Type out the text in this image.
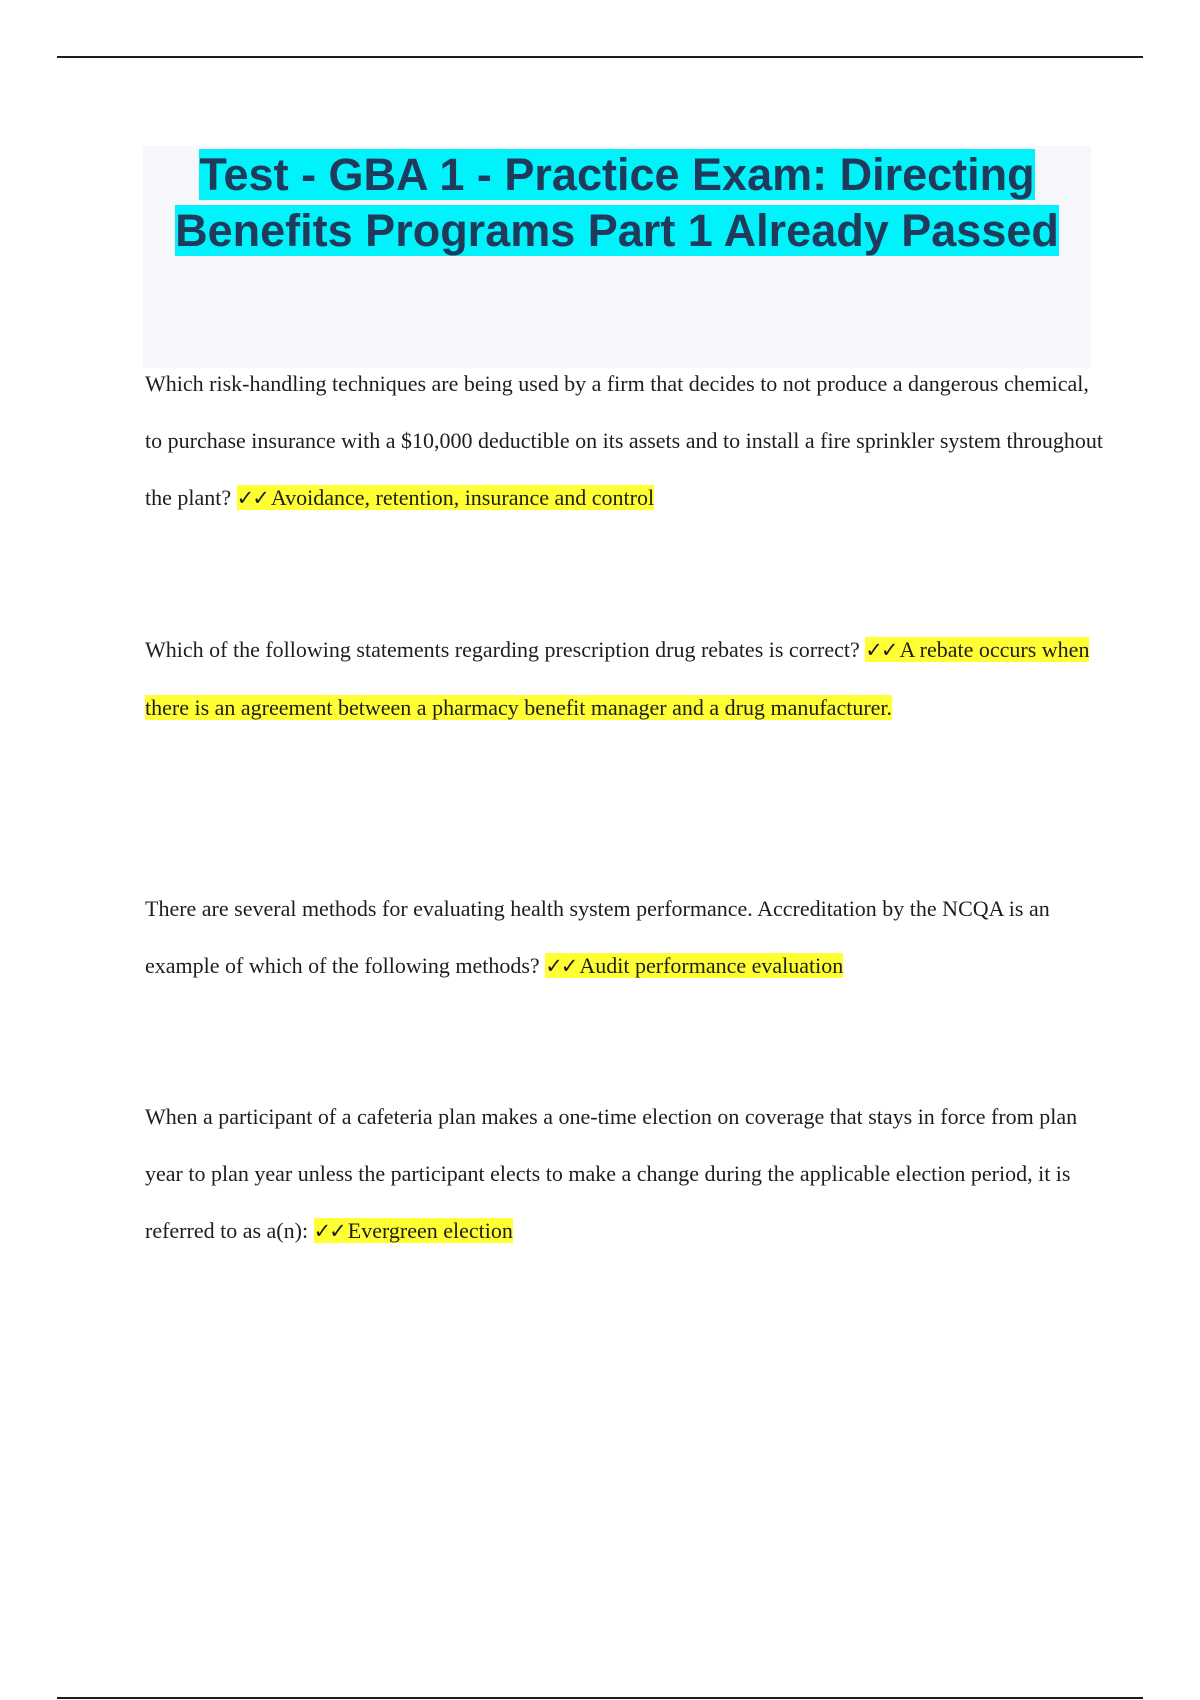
Test - GBA 1 - Practice Exam: Directing Benefits Programs Part 1 Already Passed

Which risk-handling techniques are being used by a firm that decides to not produce a dangerous chemical, to purchase insurance with a $10,000 deductible on its assets and to install a fire sprinkler system throughout the plant? ✓✓ Avoidance, retention, insurance and control

Which of the following statements regarding prescription drug rebates is correct? ✓✓ A rebate occurs when there is an agreement between a pharmacy benefit manager and a drug manufacturer.

There are several methods for evaluating health system performance. Accreditation by the NCQA is an example of which of the following methods? ✓✓ Audit performance evaluation

When a participant of a cafeteria plan makes a one-time election on coverage that stays in force from plan year to plan year unless the participant elects to make a change during the applicable election period, it is referred to as a(n): ✓✓ Evergreen election
